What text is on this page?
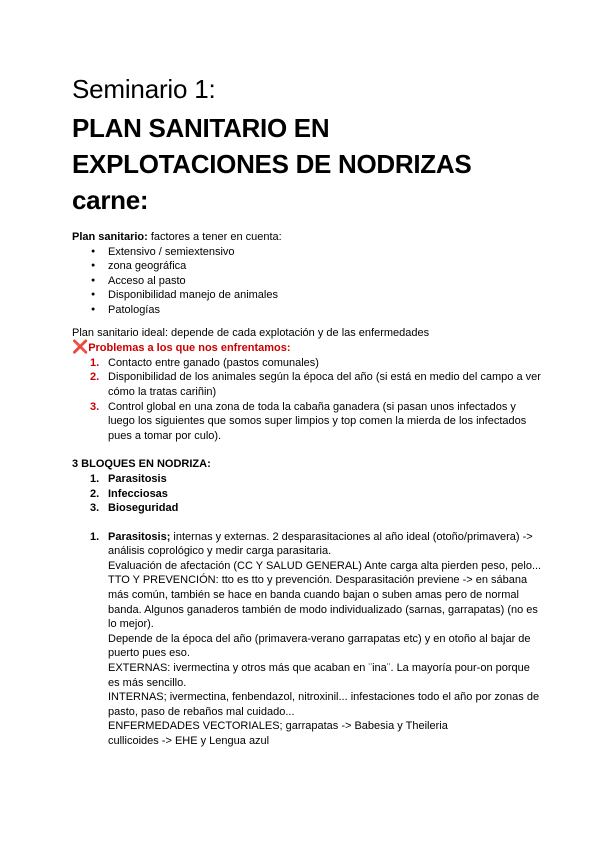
Seminario 1:
PLAN SANITARIO EN
EXPLOTACIONES DE NODRIZAS
carne:

Plan sanitario: factores a tener en cuenta:

● Extensivo / semiextensivo
● zona geográfica
● Acceso al pasto
● Disponibilidad manejo de animales
● Patologías

Plan sanitario ideal: depende de cada explotación y de las enfermedades

❌Problemas a los que nos enfrentamos:

1. Contacto entre ganado (pastos comunales)
2. Disponibilidad de los animales según la época del año (si está en medio del campo a ver cómo la tratas cariñin)
3. Control global en una zona de toda la cabaña ganadera (si pasan unos infectados y luego los siguientes que somos super limpios y top comen la mierda de los infectados pues a tomar por culo).

3 BLOQUES EN NODRIZA:

1. Parasitosis
2. Infecciosas
3. Bioseguridad
1. Parasitosis; internas y externas. 2 desparasitaciones al año ideal (otoño/primavera) -> análisis coprológico y medir carga parasitaria.

Evaluación de afectación (CC Y SALUD GENERAL) Ante carga alta pierden peso, pelo...

TTO Y PREVENCIÓN: tto es tto y prevención. Desparasitación previene -> en sábana más común, también se hace en banda cuando bajan o suben amas pero de normal banda. Algunos ganaderos también de modo individualizado (sarnas, garrapatas) (no es lo mejor).

Depende de la época del año (primavera-verano garrapatas etc) y en otoño al bajar de puerto pues eso.

EXTERNAS: ivermectina y otros más que acaban en ¨ina¨. La mayoría pour-on porque es más sencillo.

INTERNAS; ivermectina, fenbendazol, nitroxinil... infestaciones todo el año por zonas de pasto, paso de rebaños mal cuidado...

ENFERMEDADES VECTORIALES; garrapatas -> Babesia y Theileria

cullicoides -> EHE y Lengua azul
